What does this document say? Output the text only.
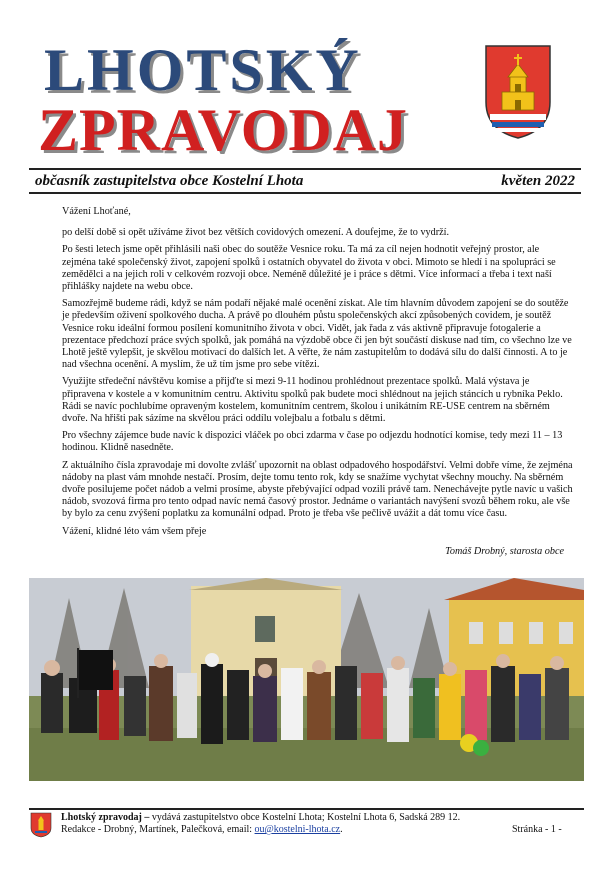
LHOTSKÝ
ZPRAVODAJ
občasník zastupitelstva obce Kostelní Lhota	květen 2022

Vážení Lhoťané,

po delší době si opět užíváme život bez větších covidových omezení. A doufejme, že to vydrží.

Po šesti letech jsme opět přihlásili naši obec do soutěže Vesnice roku. Ta má za cíl nejen hodnotit veřejný prostor, ale zejména také společenský život, zapojení spolků i ostatních obyvatel do života v obci. Mimoto se hledí i na spolupráci se zemědělci a na jejich roli v celkovém rozvoji obce. Neméně důležité je i práce s dětmi. Více informací a třeba i text naší přihlášky najdete na webu obce.

Samozřejmě budeme rádi, když se nám podaří nějaké malé ocenění získat. Ale tím hlavním důvodem zapojení se do soutěže je především oživení spolkového ducha. A právě po dlouhém půstu společenských akcí způsobených covidem, je soutěž Vesnice roku ideální formou posílení komunitního života v obci. Vidět, jak řada z vás aktivně připravuje fotogalerie a prezentace předchozí práce svých spolků, jak pomáhá na výzdobě obce či jen být součástí diskuse nad tím, co všechno lze ve Lhotě ještě vylepšit, je skvělou motivací do dalších let. A věřte, že nám zastupitelům to dodává sílu do další činnosti. A to je nad všechna ocenění. A myslím, že už tím jsme pro sebe vítězi.

Využijte středeční návštěvu komise a přijďte si mezi 9-11 hodinou prohlédnout prezentace spolků. Malá výstava je připravena v kostele a v komunitním centru. Aktivitu spolků pak budete moci shlédnout na jejich stáncích u rybníka Peklo. Rádi se navíc pochlubíme opraveným kostelem, komunitním centrem, školou i unikátním RE-USE centrem na sběrném dvoře. Na hřišti pak sázíme na skvělou práci oddílu volejbalu a fotbalu s dětmi.

Pro všechny zájemce bude navíc k dispozici vláček po obci zdarma v čase po odjezdu hodnotící komise, tedy mezi 11 – 13 hodinou. Klidně nasedněte.

Z aktuálního čísla zpravodaje mi dovolte zvlášť upozornit na oblast odpadového hospodářství. Velmi dobře víme, že zejména nádoby na plast vám mnohde nestačí. Prosím, dejte tomu tento rok, kdy se snažíme vychytat všechny mouchy. Na sběrném dvoře posilujeme počet nádob a velmi prosíme, abyste přebývající odpad vozili právě tam. Nenechávejte pytle navíc u vašich nádob, svozová firma pro tento odpad navíc nemá časový prostor. Jednáme o variantách navýšení svozů během roku, ale vše by bylo za cenu zvýšení poplatku za komunální odpad. Proto je třeba vše pečlivě uvážit a dát tomu více času.

Vážení, klidné léto vám všem přeje

Tomáš Drobný, starosta obce
Lhotský zpravodaj – vydává zastupitelstvo obce Kostelní Lhota; Kostelní Lhota 6, Sadská 289 12.
Redakce - Drobný, Martínek, Palečková, email: ou@kostelni-lhota.cz.	Stránka - 1 -
